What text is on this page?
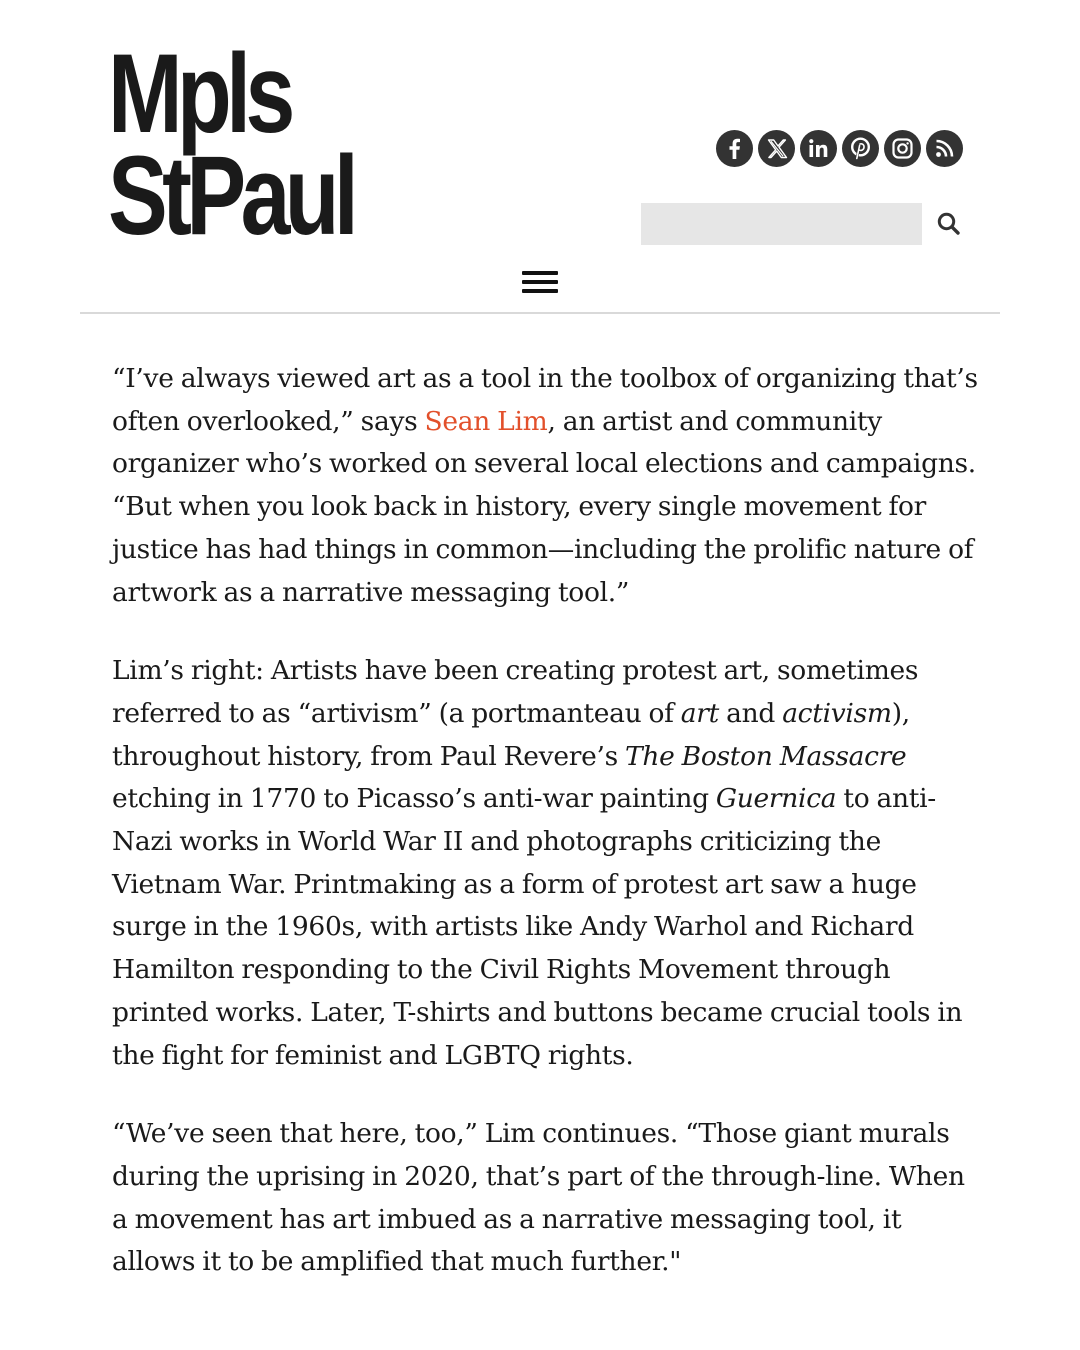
Mpls
StPaul

“I’ve always viewed art as a tool in the toolbox of organizing that’s
often overlooked,” says Sean Lim, an artist and community
organizer who’s worked on several local elections and campaigns.
“But when you look back in history, every single movement for
justice has had things in common—including the prolific nature of
artwork as a narrative messaging tool.”

Lim’s right: Artists have been creating protest art, sometimes
referred to as “artivism” (a portmanteau of art and activism),
throughout history, from Paul Revere’s The Boston Massacre
etching in 1770 to Picasso’s anti-war painting Guernica to anti-
Nazi works in World War II and photographs criticizing the
Vietnam War. Printmaking as a form of protest art saw a huge
surge in the 1960s, with artists like Andy Warhol and Richard
Hamilton responding to the Civil Rights Movement through
printed works. Later, T-shirts and buttons became crucial tools in
the fight for feminist and LGBTQ rights.

“We’ve seen that here, too,” Lim continues. “Those giant murals
during the uprising in 2020, that’s part of the through-line. When
a movement has art imbued as a narrative messaging tool, it
allows it to be amplified that much further."
